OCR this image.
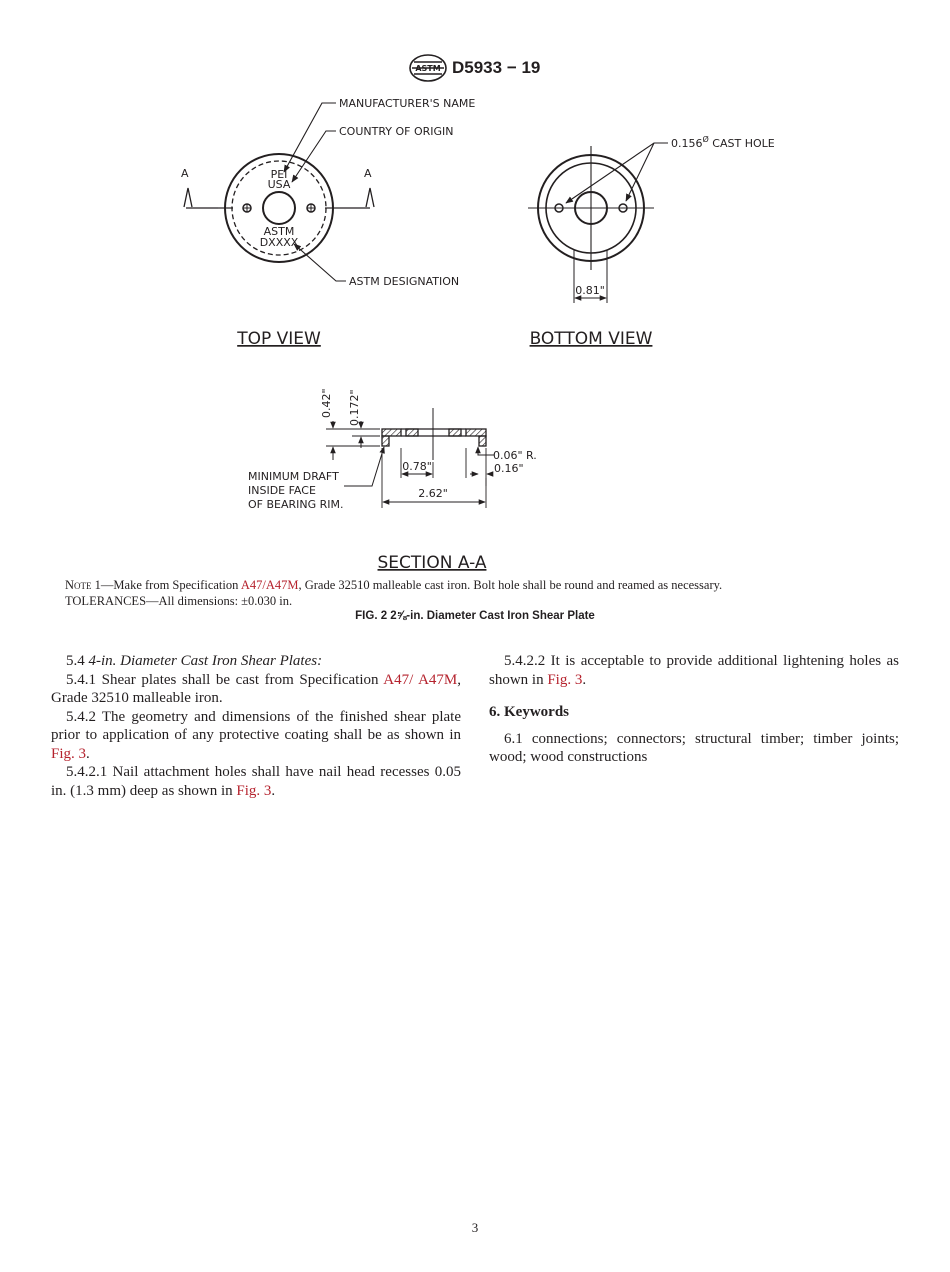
ASTM D5933 − 19
A	A
MANUFACTURER'S NAME
COUNTRY OF ORIGIN
ASTM DESIGNATION
PEI
USA
ASTM
DXXXX
TOP VIEW
$0.156^Ø$ CAST HOLE
0.81"
BOTTOM VIEW
0.42" 0.172"
0.78"
2.62"
0.06" R.
0.16"
MINIMUM DRAFT
INSIDE FACE
OF BEARING RIM.
SECTION A-A
Note 1—Make from Specification A47/A47M, Grade 32510 malleable cast iron. Bolt hole shall be round and reamed as necessary.
TOLERANCES—All dimensions: ±0.030 in.
FIG. 2 2⅝-in. Diameter Cast Iron Shear Plate

5.4 4-in. Diameter Cast Iron Shear Plates:

5.4.1 Shear plates shall be cast from Specification A47/ A47M, Grade 32510 malleable iron.

5.4.2 The geometry and dimensions of the finished shear plate prior to application of any protective coating shall be as shown in Fig. 3.

5.4.2.1 Nail attachment holes shall have nail head recesses 0.05 in. (1.3 mm) deep as shown in Fig. 3.

5.4.2.2 It is acceptable to provide additional lightening holes as shown in Fig. 3.

6. Keywords

6.1 connections; connectors; structural timber; timber joints; wood; wood constructions

3
